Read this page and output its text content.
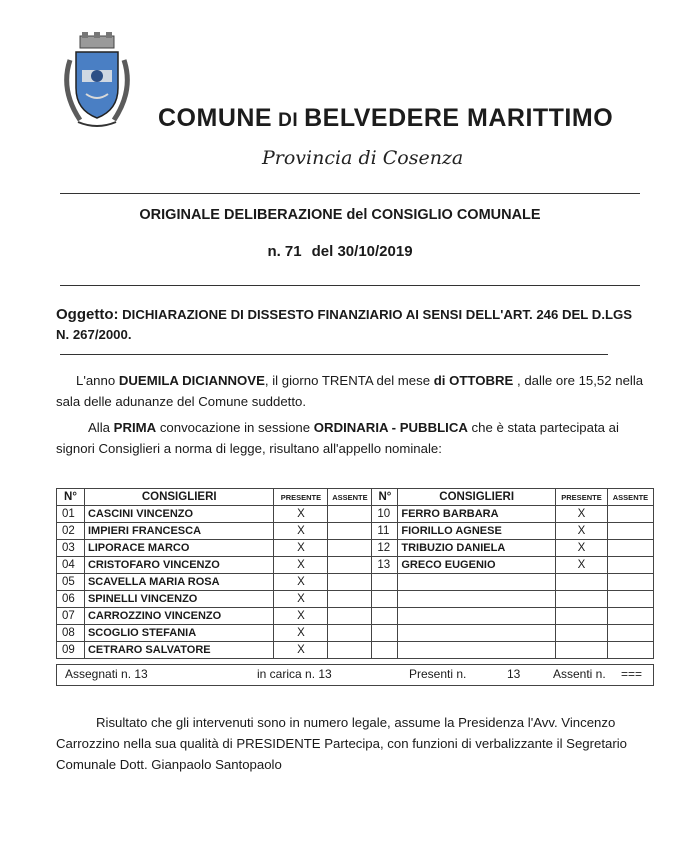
COMUNE DI BELVEDERE MARITTIMO
Provincia di Cosenza
ORIGINALE DELIBERAZIONE del CONSIGLIO COMUNALE
n. 71 del 30/10/2019
Oggetto: DICHIARAZIONE DI DISSESTO FINANZIARIO AI SENSI DELL'ART. 246 DEL D.LGS N. 267/2000.
L'anno DUEMILA DICIANNOVE, il giorno TRENTA del mese di OTTOBRE , dalle ore 15,52 nella sala delle adunanze del Comune suddetto.
Alla PRIMA convocazione in sessione ORDINARIA - PUBBLICA che è stata partecipata ai signori Consiglieri a norma di legge, risultano all'appello nominale:
N°	CONSIGLIERI	PRESENTE	ASSENTE	N°	CONSIGLIERI	PRESENTE	ASSENTE
01	CASCINI VINCENZO	X		10	FERRO BARBARA	X	
02	IMPIERI FRANCESCA	X		11	FIORILLO AGNESE	X	
03	LIPORACE MARCO	X		12	TRIBUZIO DANIELA	X	
04	CRISTOFARO VINCENZO	X		13	GRECO EUGENIO	X	
05	SCAVELLA MARIA ROSA	X					
06	SPINELLI VINCENZO	X					
07	CARROZZINO VINCENZO	X					
08	SCOGLIO STEFANIA	X					
09	CETRARO SALVATORE	X					
Assegnati n. 13	in carica n. 13	Presenti n.	13	Assenti n. ===
Risultato che gli intervenuti sono in numero legale, assume la Presidenza l'Avv. Vincenzo Carrozzino nella sua qualità di PRESIDENTE Partecipa, con funzioni di verbalizzante il Segretario Comunale Dott. Gianpaolo Santopaolo
